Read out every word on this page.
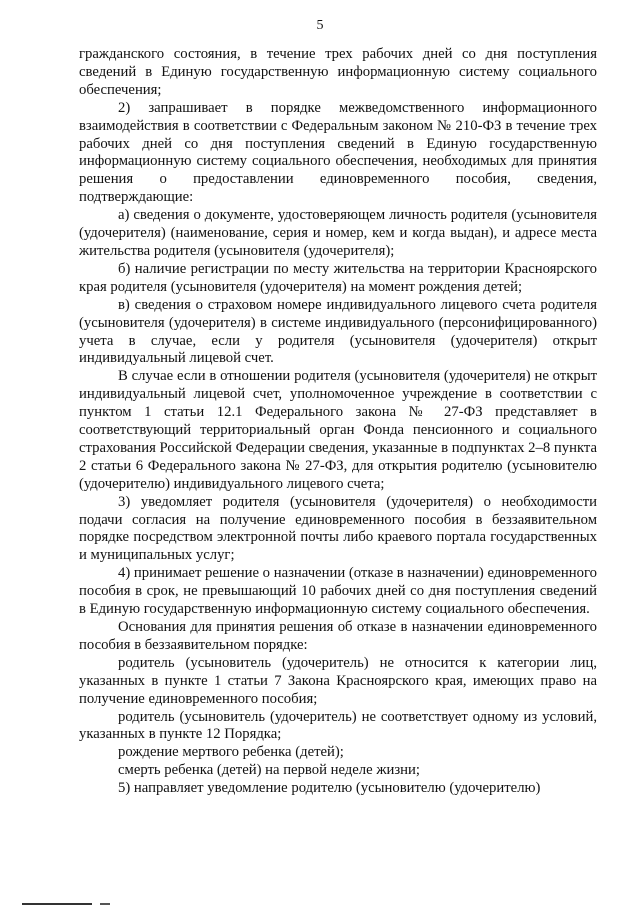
5

гражданского состояния, в течение трех рабочих дней со дня поступления сведений в Единую государственную информационную систему социального обеспечения;

2) запрашивает в порядке межведомственного информационного взаимодействия в соответствии с Федеральным законом № 210-ФЗ в течение трех рабочих дней со дня поступления сведений в Единую государственную информационную систему социального обеспечения, необходимых для принятия решения о предоставлении единовременного пособия, сведения, подтверждающие:

а) сведения о документе, удостоверяющем личность родителя (усыновителя (удочерителя) (наименование, серия и номер, кем и когда выдан), и адресе места жительства родителя (усыновителя (удочерителя);

б) наличие регистрации по месту жительства на территории Красноярского края родителя (усыновителя (удочерителя) на момент рождения детей;

в) сведения о страховом номере индивидуального лицевого счета родителя (усыновителя (удочерителя) в системе индивидуального (персонифицированного) учета в случае, если у родителя (усыновителя (удочерителя) открыт индивидуальный лицевой счет.

В случае если в отношении родителя (усыновителя (удочерителя) не открыт индивидуальный лицевой счет, уполномоченное учреждение в соответствии с пунктом 1 статьи 12.1 Федерального закона № 27-ФЗ представляет в соответствующий территориальный орган Фонда пенсионного и социального страхования Российской Федерации сведения, указанные в подпунктах 2–8 пункта 2 статьи 6 Федерального закона № 27-ФЗ, для открытия родителю (усыновителю (удочерителю) индивидуального лицевого счета;

3) уведомляет родителя (усыновителя (удочерителя) о необходимости подачи согласия на получение единовременного пособия в беззаявительном порядке посредством электронной почты либо краевого портала государственных и муниципальных услуг;

4) принимает решение о назначении (отказе в назначении) единовременного пособия в срок, не превышающий 10 рабочих дней со дня поступления сведений в Единую государственную информационную систему социального обеспечения.

Основания для принятия решения об отказе в назначении единовременного пособия в беззаявительном порядке:

родитель (усыновитель (удочеритель) не относится к категории лиц, указанных в пункте 1 статьи 7 Закона Красноярского края, имеющих право на получение единовременного пособия;

родитель (усыновитель (удочеритель) не соответствует одному из условий, указанных в пункте 12 Порядка;

рождение мертвого ребенка (детей);

смерть ребенка (детей) на первой неделе жизни;

5) направляет уведомление родителю (усыновителю (удочерителю)
